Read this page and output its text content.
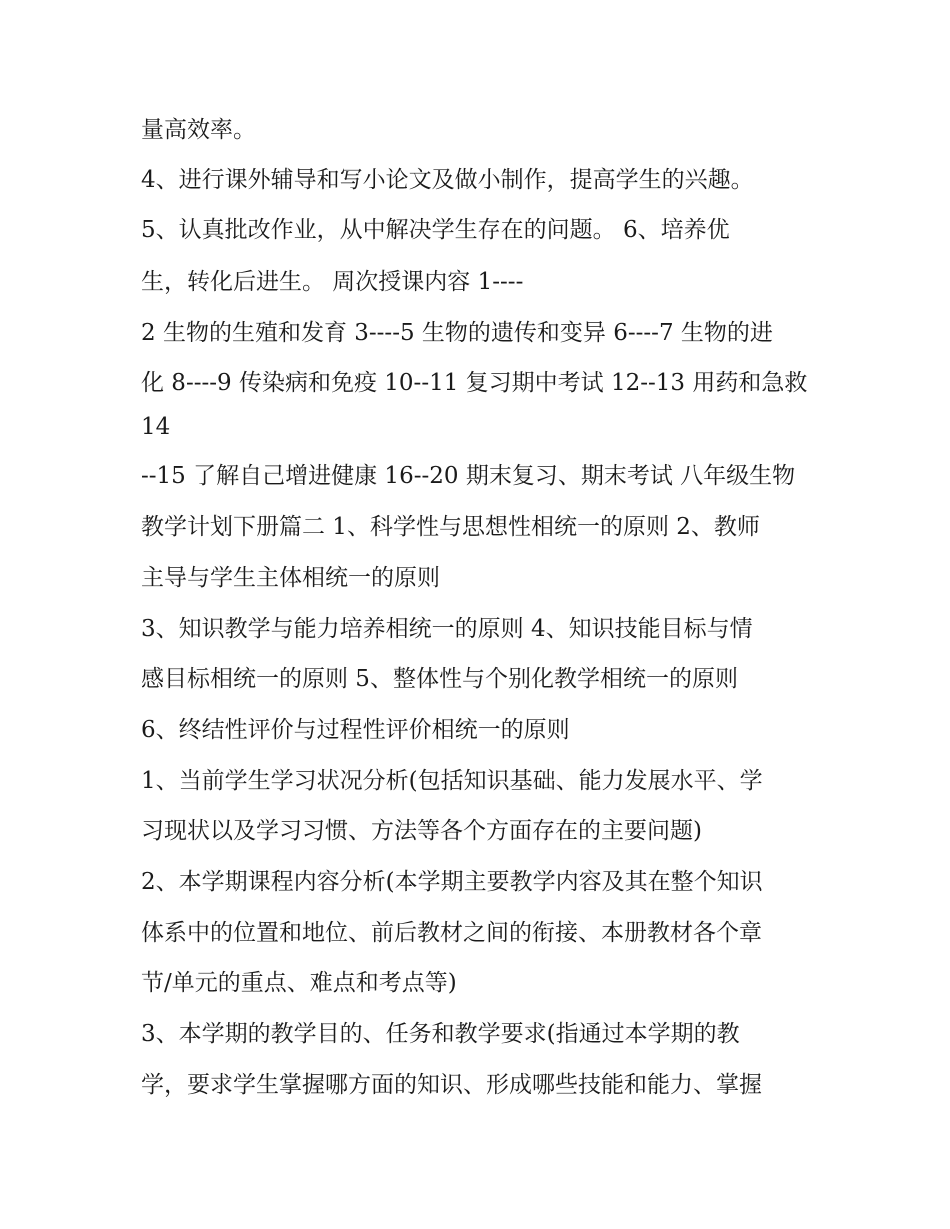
量高效率。
4、进行课外辅导和写小论文及做小制作，提高学生的兴趣。
5、认真批改作业，从中解决学生存在的问题。 6、培养优
生，转化后进生。 周次授课内容 1----
2 生物的生殖和发育 3----5 生物的遗传和变异 6----7 生物的进
化 8----9 传染病和免疫 10--11 复习期中考试 12--13 用药和急救
14
--15 了解自己增进健康 16--20 期末复习、期末考试 八年级生物
教学计划下册篇二 1、科学性与思想性相统一的原则 2、教师
主导与学生主体相统一的原则
3、知识教学与能力培养相统一的原则 4、知识技能目标与情
感目标相统一的原则 5、整体性与个别化教学相统一的原则
6、终结性评价与过程性评价相统一的原则
1、当前学生学习状况分析(包括知识基础、能力发展水平、学
习现状以及学习习惯、方法等各个方面存在的主要问题)
2、本学期课程内容分析(本学期主要教学内容及其在整个知识
体系中的位置和地位、前后教材之间的衔接、本册教材各个章
节/单元的重点、难点和考点等)
3、本学期的教学目的、任务和教学要求(指通过本学期的教
学，要求学生掌握哪方面的知识、形成哪些技能和能力、掌握
